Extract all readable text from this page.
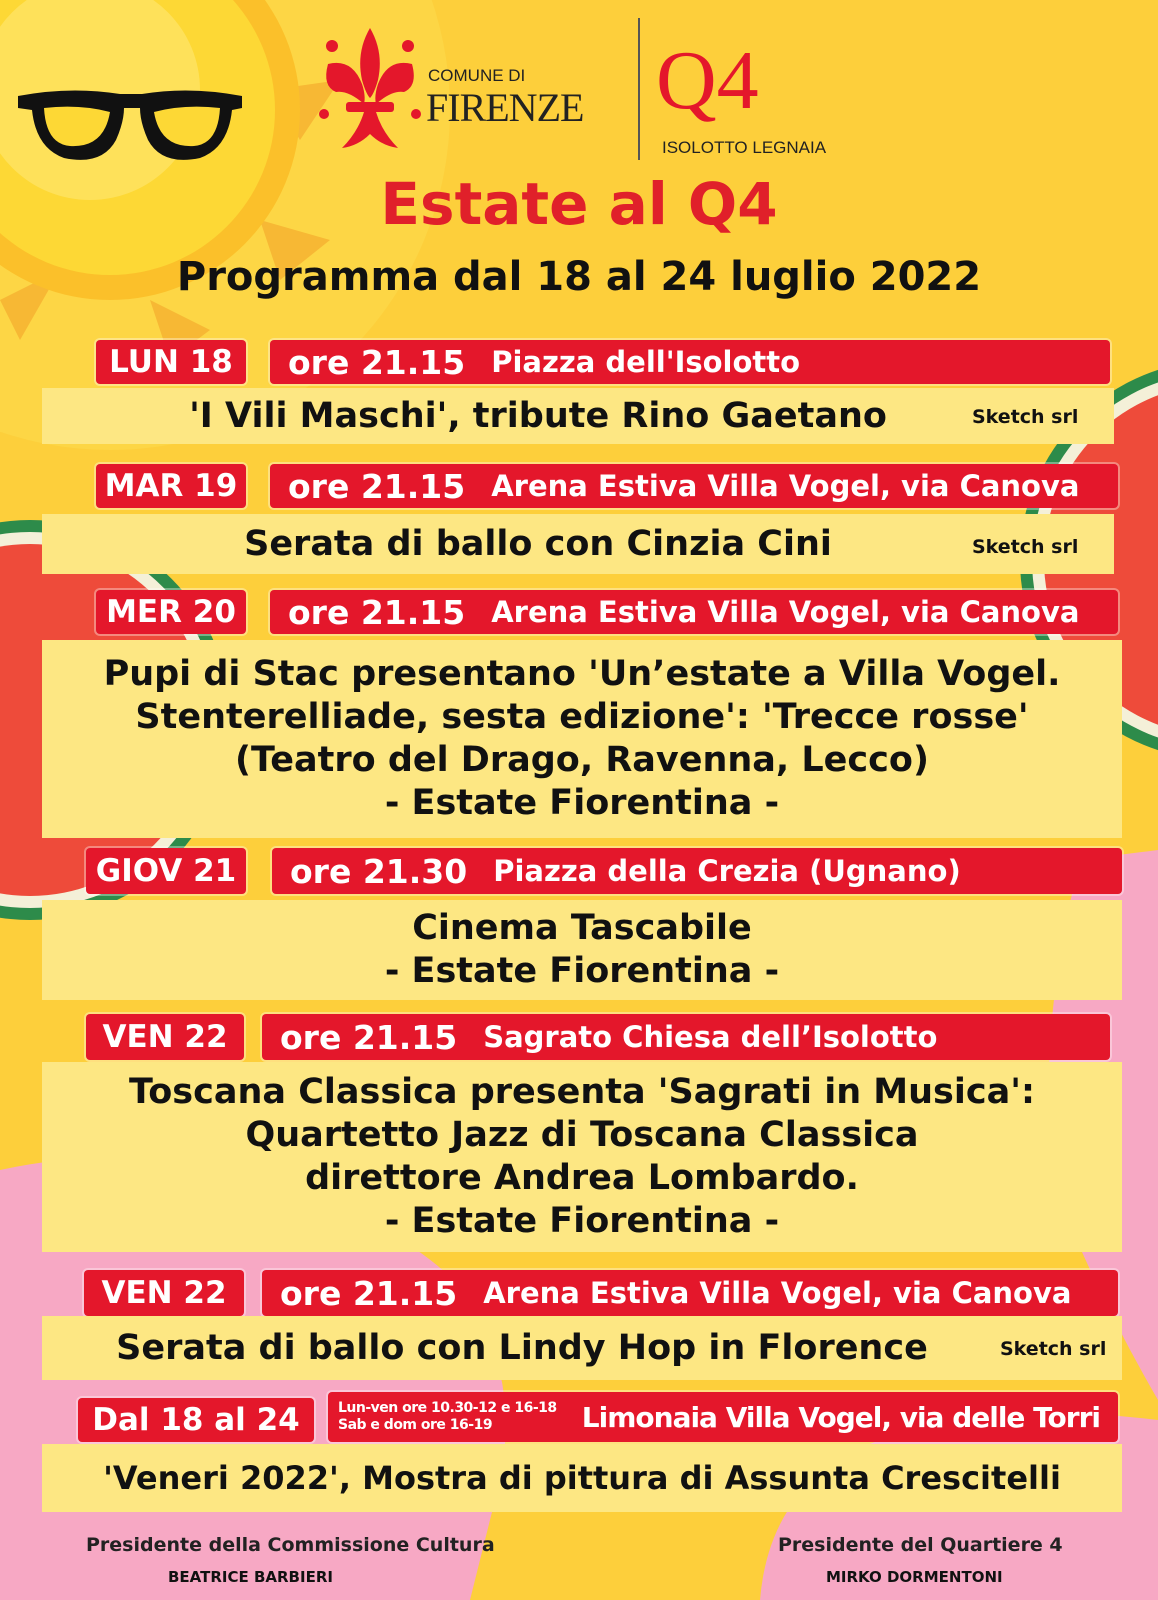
COMUNE DI
FIRENZE Q4
ISOLOTTO LEGNAIA
Estate al Q4
Programma dal 18 al 24 luglio 2022
LUN 18	ore 21.15 Piazza dell'Isolotto
'I Vili Maschi', tribute Rino Gaetano	Sketch srl
MAR 19 ore 21.15 Arena Estiva Villa Vogel, via Canova
Serata di ballo con Cinzia Cini	Sketch srl
MER 20	ore 21.15 Arena Estiva Villa Vogel, via Canova
Pupi di Stac presentano 'Un’estate a Villa Vogel.
Stenterelliade, sesta edizione': 'Trecce rosse'
(Teatro del Drago, Ravenna, Lecco)
- Estate Fiorentina -
GIOV 21 ore 21.30 Piazza della Crezia (Ugnano)
Cinema Tascabile
- Estate Fiorentina -
VEN 22	ore 21.15 Sagrato Chiesa dell’Isolotto
Toscana Classica presenta 'Sagrati in Musica':
Quartetto Jazz di Toscana Classica
direttore Andrea Lombardo.
- Estate Fiorentina -
VEN 22	ore 21.15 Arena Estiva Villa Vogel, via Canova
Serata di ballo con Lindy Hop in Florence	Sketch srl
Dal 18 al 24	Lun-ven ore 10.30-12 e 16-18
Sab e dom ore 16-19	Limonaia Villa Vogel, via delle Torri
'Veneri 2022', Mostra di pittura di Assunta Crescitelli
Presidente della Commissione Cultura
BEATRICE BARBIERI
Presidente del Quartiere 4
MIRKO DORMENTONI
